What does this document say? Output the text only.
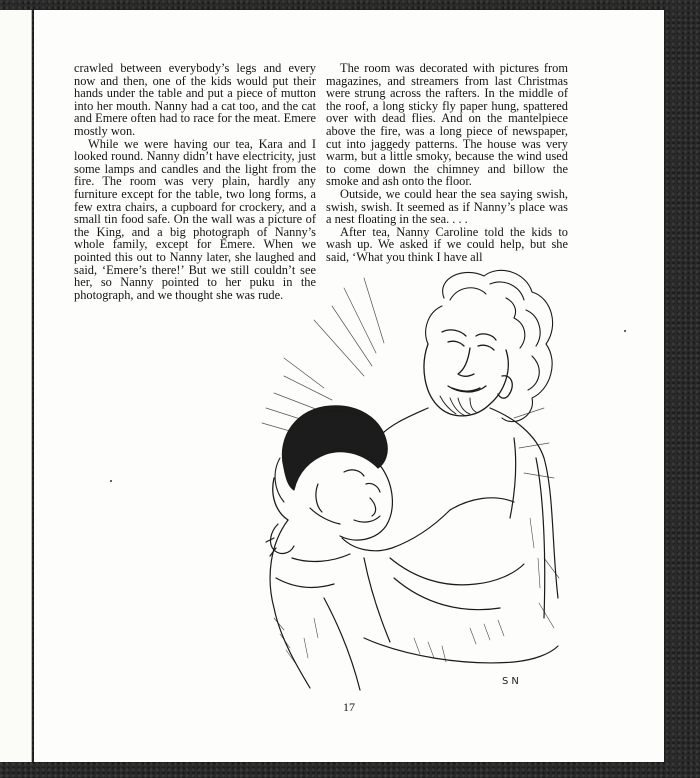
crawled between everybody’s legs and every now and then, one of the kids would put their hands under the table and put a piece of mutton into her mouth. Nanny had a cat too, and the cat and Emere often had to race for the meat. Emere mostly won.

While we were having our tea, Kara and I looked round. Nanny didn’t have electricity, just some lamps and candles and the light from the fire. The room was very plain, hardly any furniture except for the table, two long forms, a few extra chairs, a cupboard for crockery, and a small tin food safe. On the wall was a picture of the King, and a big photograph of Nanny’s whole family, except for Emere. When we pointed this out to Nanny later, she laughed and said, ‘Emere’s there!’ But we still couldn’t see her, so Nanny pointed to her puku in the photograph, and we thought she was rude.

The room was decorated with pictures from magazines, and streamers from last Christmas were strung across the rafters. In the middle of the roof, a long sticky fly paper hung, spattered over with dead flies. And on the mantelpiece above the fire, was a long piece of newspaper, cut into jaggedy patterns. The house was very warm, but a little smoky, because the wind used to come down the chimney and billow the smoke and ash onto the floor.

Outside, we could hear the sea saying swish, swish, swish. It seemed as if Nanny’s place was a nest floating in the sea. . . .

After tea, Nanny Caroline told the kids to wash up. We asked if we could help, but she said, ‘What you think I have all

SN
17
